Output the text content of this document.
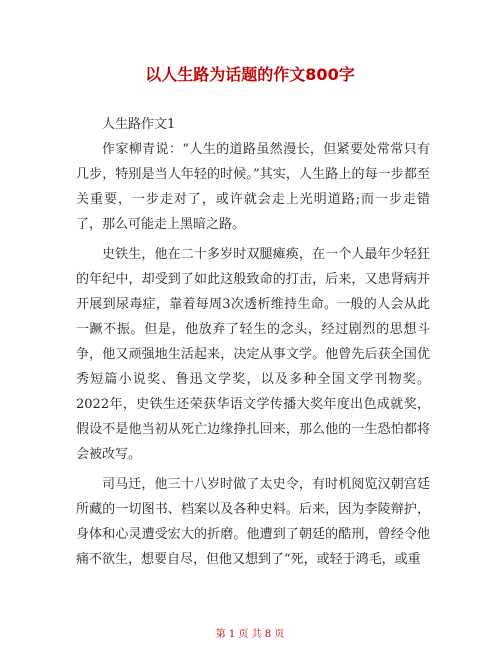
以人生路为话题的作文800字

人生路作文1

作家柳青说：“人生的道路虽然漫长，但紧要处常常只有几步，特别是当人年轻的时候。”其实，人生路上的每一步都至关重要，一步走对了，或许就会走上光明道路;而一步走错了，那么可能走上黑暗之路。

史铁生，他在二十多岁时双腿瘫痪，在一个人最年少轻狂的年纪中，却受到了如此这般致命的打击，后来，又患肾病并开展到尿毒症，靠着每周3次透析维持生命。一般的人会从此一蹶不振。但是，他放弃了轻生的念头，经过剧烈的思想斗争，他又顽强地生活起来，决定从事文学。他曾先后获全国优秀短篇小说奖、鲁迅文学奖，以及多种全国文学刊物奖。2022年，史铁生还荣获华语文学传播大奖年度出色成就奖，假设不是他当初从死亡边缘挣扎回来，那么他的一生恐怕都将会被改写。

司马迁，他三十八岁时做了太史令，有时机阅览汉朝宫廷所藏的一切图书、档案以及各种史料。后来，因为李陵辩护，身体和心灵遭受宏大的折磨。他遭到了朝廷的酷刑，曾经令他痛不欲生，想要自尽，但他又想到了“死，或轻于鸿毛，或重

第 1 页 共 8 页
